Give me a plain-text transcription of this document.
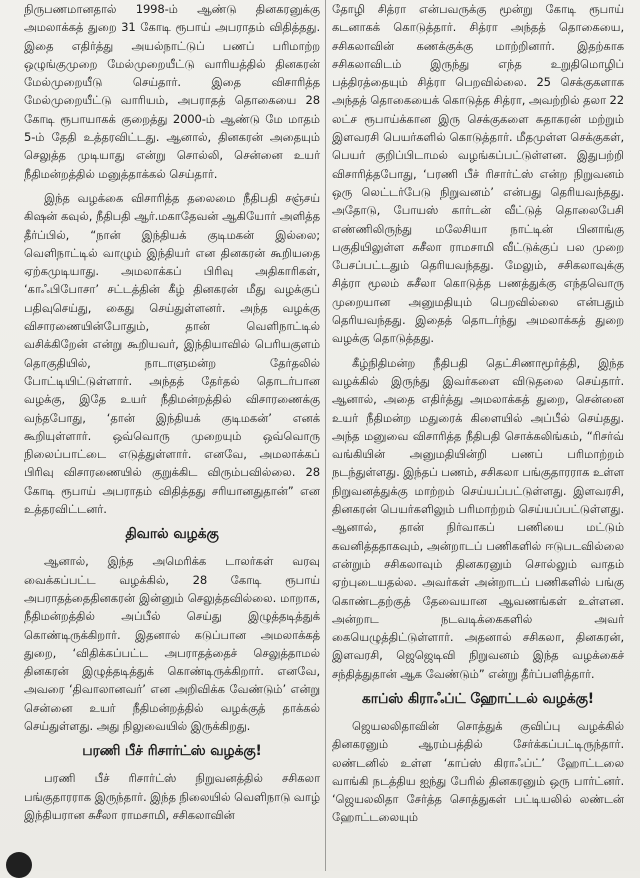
நிருபணமானதால் 1998-ம் ஆண்டு தினகரனுக்கு அமலாக்கத் துறை 31 கோடி ரூபாய் அபராதம் விதித்தது. இதை எதிர்த்து அயல்நாட்டுப் பணப் பரிமாற்ற ஒழுங்குமுறை மேல்முறையீட்டு வாரியத்தில் தினகரன் மேல்முறையீடு செய்தார். இதை விசாரித்த மேல்முறையீட்டு வாரியம், அபராதத் தொகையை 28 கோடி ரூபாயாகக் குறைத்து 2000-ம் ஆண்டு மே மாதம் 5-ம் தேதி உத்தரவிட்டது. ஆனால், தினகரன் அதையும் செலுத்த முடியாது என்று சொல்லி, சென்னை உயர் நீதிமன்றத்தில் மனுத்தாக்கல் செய்தார்.

இந்த வழக்கை விசாரித்த தலைமை நீதிபதி சஞ்சய் கிஷன் கவுல், நீதிபதி ஆர்.மகாதேவன் ஆகியோர் அளித்த தீர்ப்பில், “நான் இந்தியக் குடிமகன் இல்லை; வெளிநாட்டில் வாழும் இந்தியர் என தினகரன் கூறியதை ஏற்கமுடியாது. அமலாக்கப் பிரிவு அதிகாரிகள், ‘காஃபிபோசா’ சட்டத்தின் கீழ் தினகரன் மீது வழக்குப் பதிவுசெய்து, கைது செய்துள்ளனர். அந்த வழக்கு விசாரணையின்போதும், தான் வெளிநாட்டில் வசிக்கிறேன் என்று கூறியவர், இந்தியாவில் பெரியகுளம் தொகுதியில், நாடாளுமன்ற தேர்தலில் போட்டியிட்டுள்ளார். அந்தத் தேர்தல் தொடர்பான வழக்கு, இதே உயர் நீதிமன்றத்தில் விசாரணைக்கு வந்தபோது, ‘தான் இந்தியக் குடிமகன்’ எனக் கூறியுள்ளார். ஒவ்வொரு முறையும் ஒவ்வொரு நிலைப்பாட்டை எடுத்துள்ளார். எனவே, அமலாக்கப் பிரிவு விசாரணையில் குறுக்கிட விரும்பவில்லை. 28 கோடி ரூபாய் அபராதம் விதித்தது சரியானதுதான்” என உத்தரவிட்டனர்.

திவால் வழக்கு

ஆனால், இந்த அமெரிக்க டாலர்கள் வரவு வைக்கப்பட்ட வழக்கில், 28 கோடி ரூபாய் அபராதத்தைதினகரன் இன்னும் செலுத்தவில்லை. மாறாக, நீதிமன்றத்தில் அப்பீல் செய்து இழுத்தடித்துக் கொண்டிருக்கிறார். இதனால் கடுப்பான அமலாக்கத் துறை, ‘விதிக்கப்பட்ட அபராதத்தைச் செலுத்தாமல் தினகரன் இழுத்தடித்துக் கொண்டிருக்கிறார். எனவே, அவரை ‘திவாலானவர்’ என அறிவிக்க வேண்டும்’ என்று சென்னை உயர் நீதிமன்றத்தில் வழக்குத் தாக்கல் செய்துள்ளது. அது நிலுவையில் இருக்கிறது.

பரணி பீச் ரிசார்ட்ஸ் வழக்கு!

பரணி பீச் ரிசார்ட்ஸ் நிறுவனத்தில் சசிகலா பங்குதாரராக இருந்தார். இந்த நிலையில் வெளிநாடு வாழ் இந்தியரான சுசீலா ராமசாமி, சசிகலாவின்

தோழி சித்ரா என்பவருக்கு மூன்று கோடி ரூபாய் கடனாகக் கொடுத்தார். சித்ரா அந்தத் தொகையை, சசிகலாவின் கணக்குக்கு மாற்றினார். இதற்காக சசிகலாவிடம் இருந்து எந்த உறுதிமொழிப் பத்திரத்தையும் சித்ரா பெறவில்லை. 25 செக்குகளாக அந்தத் தொகையைக் கொடுத்த சித்ரா, அவற்றில் தலா 22 லட்ச ரூபாய்க்கான இரு செக்குகளை சுதாகரன் மற்றும் இளவரசி பெயர்களில் கொடுத்தார். மீதமுள்ள செக்குகள், பெயர் குறிப்பிடாமல் வழங்கப்பட்டுள்ளன. இதுபற்றி விசாரித்தபோது, ‘பரணி பீச் ரிசார்ட்ஸ் என்ற நிறுவனம் ஒரு லெட்டர்பேடு நிறுவனம்’ என்பது தெரியவந்தது. அதோடு, போயஸ் கார்டன் வீட்டுத் தொலைபேசி எண்ணிலிருந்து மலேசியா நாட்டின் பினாங்கு பகுதியிலுள்ள சுசீலா ராமசாமி வீட்டுக்குப் பல முறை பேசப்பட்டதும் தெரியவந்தது. மேலும், சசிகலாவுக்கு சித்ரா மூலம் சுசீலா கொடுத்த பணத்துக்கு எந்தவொரு முறையான அனுமதியும் பெறவில்லை என்பதும் தெரியவந்தது. இதைத் தொடர்ந்து அமலாக்கத் துறை வழக்கு தொடுத்தது.

கீழ்நிதிமன்ற நீதிபதி தெட்சிணாமூர்த்தி, இந்த வழக்கில் இருந்து இவர்களை விடுதலை செய்தார். ஆனால், அதை எதிர்த்து அமலாக்கத் துறை, சென்னை உயர் நீதிமன்ற மதுரைக் கிளையில் அப்பீல் செய்தது. அந்த மனுவை விசாரித்த நீதிபதி சொக்கலிங்கம், “ரிசர்வ் வங்கியின் அனுமதியின்றி பணப் பரிமாற்றம் நடந்துள்ளது. இந்தப் பணம், சசிகலா பங்குதாரராக உள்ள நிறுவனத்துக்கு மாற்றம் செய்யப்பட்டுள்ளது. இளவரசி, தினகரன் பெயர்களிலும் பரிமாற்றம் செய்யப்பட்டுள்ளது. ஆனால், தான் நிர்வாகப் பணியை மட்டும் கவனித்ததாகவும், அன்றாடப் பணிகளில் ஈடுபடவில்லை என்றும் சசிகலாவும் தினகரனும் சொல்லும் வாதம் ஏற்புடையதல்ல. அவர்கள் அன்றாடப் பணிகளில் பங்கு கொண்டதற்குத் தேவையான ஆவணங்கள் உள்ளன. அன்றாட நடவடிக்கைகளில் அவர் கையெழுத்திட்டுள்ளார். அதனால் சசிகலா, தினகரன், இளவரசி, ஜெஜெடிவி நிறுவனம் இந்த வழக்கைச் சந்தித்துதான் ஆக வேண்டும்” என்று தீர்ப்பளித்தார்.

காப்ஸ் கிராஃப்ட் ஹோட்டல் வழக்கு!

ஜெயலலிதாவின் சொத்துக் குவிப்பு வழக்கில் தினகரனும் ஆரம்பத்தில் சேர்க்கப்பட்டிருந்தார். லண்டனில் உள்ள ‘காப்ஸ் கிராஃப்ட்’ ஹோட்டலை வாங்கி நடத்திய ஐந்து பேரில் தினகரனும் ஒரு பார்ட்னர். ‘ஜெயலலிதா சேர்த்த சொத்துகள் பட்டியலில் லண்டன் ஹோட்டலையும்
